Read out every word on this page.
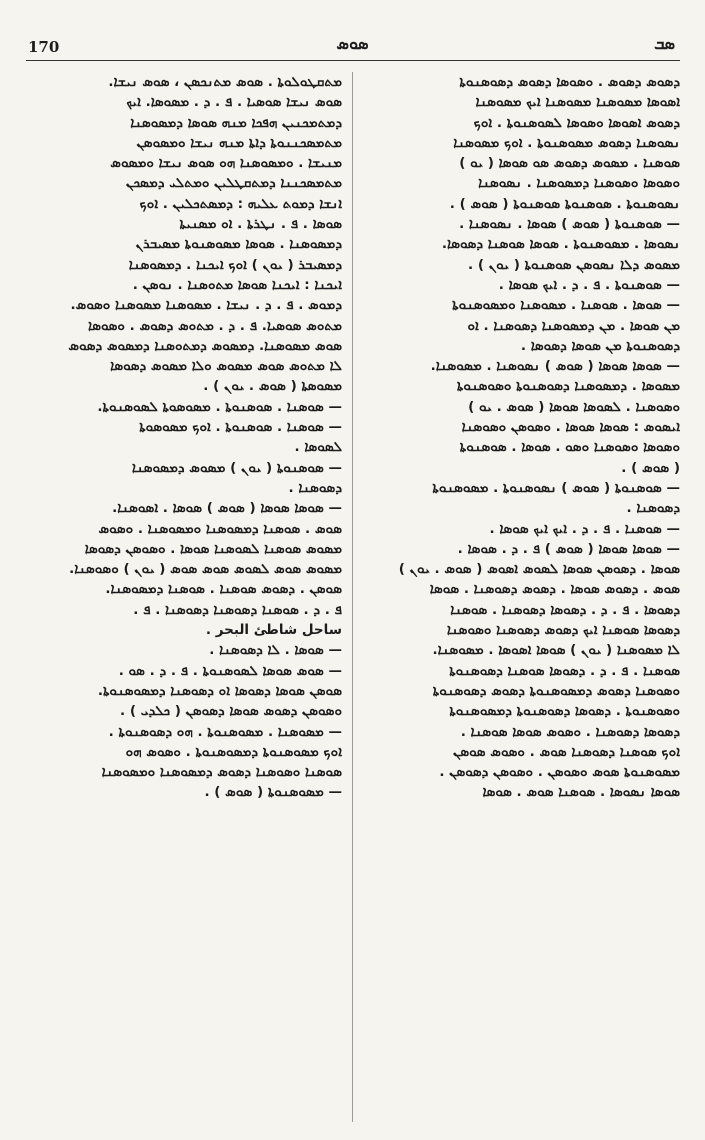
170	ܣܘܣ	ܣܒ
ܡܬܩܛܘܠܘܬܐ . ܣܘܣ ܡܬܢܟܣܢ ، ܣܘܣ ܢܝܫܐ.
ܣܘܣ ܢܝܫܐ ܣܘܣܝܐ . ܦ . ܕ . ܡܣܘܣܐ. ܐܝܟ
ܕܡܬܡܟܢܝܢ ܗܦܟܐ ܡܢܗ ܣܘܣܐ ܕܡܣܘܣܢܐ
ܡܬܡܣܟܢܢܘܬܐ ܕܐܬܐ ܡܢܗ ܢܝܫܐ ܘܡܣܘܣܢ
ܡܢܝܫܐ . ܘܡܣܘܣܢܐ ܗܘ ܣܘܣ ܢܝܫܐ ܘܡܣܘܣ
ܡܬܡܣܟܢܢܐ ܕܡܬܩܛܠܝܢ ܘܡܬܠܝ ܕܡܣܟܢ
ܐܢܫܐ ܕܡܘܬ ܥܠܝܗ : ܕܡܣܬܟܠܝܢ . ܐܘܟ
ܣܘܣܐ . ܦ . ܢܛܪܬܐ . ܐܘ ܡܣܢܝܬܐ
ܕܡܣܘܣܢܐ . ܣܘܣܐ ܡܣܘܣܢܘܬܐ ܡܣܝܒܪܢ
ܕܡܣܝܒܪ ( ܝܘܢ ) ܐܘܟ ܐܝܟܢܐ . ܕܡܣܘܣܢܐ
ܐܝܟܢܐ : ܐܝܟܢܐ ܣܘܣܐ ܡܬܘܣܢܐ . ܢܘܣܢ .
ܕܡܘܣ . ܦ . ܕ . ܢܝܫܐ . ܡܣܘܣܢܐ ܡܣܘܣܢܐ ܘܣܘܣ.
ܡܬܘܣ ܣܘܣܝܐ. ܦ . ܕ . ܡܬܘܣ ܕܣܘܣ . ܘܣܘܣܐ
ܣܘܣ ܡܣܘܣܢܐ. ܕܡܣܘܣ ܕܡܬܘܣܢܐ ܕܡܣܘܣ ܕܣܘܣ
ܠܐ ܡܬܘܣ ܣܘܣ ܡܣܘܣ ܘܠܐ ܡܣܘܣ ܕܣܘܣܐ
ܡܣܘܣܬܐ ( ܣܘܣ . ܝܘܢ ) .
— ܣܘܣܢܐ . ܣܘܣܢܘܬܐ . ܡܣܘܣܘܬܐ ܠܣܘܣܢܘܬܐ.
— ܣܘܣܢܐ . ܣܘܣܢܘܬܐ . ܐܘܟ ܡܣܘܣܘܬܐ
ܠܣܘܣܐ .
— ܣܘܣܢܘܬܐ ( ܝܘܢ ) ܡܣܘܣ ܕܡܣܘܣܢܐ
ܕܣܘܣܢܐ .
— ܣܘܣܐ ܣܘܣܐ ( ܣܘܣ ) ܣܘܣܐ . ܐܣܘܣܢܐ.
ܣܘܣ . ܣܘܣܢܐ ܕܡܣܘܣܢܐ ܘܡܣܘܣܢܐ . ܘܣܘܣ
ܡܣܘܣ ܣܘܣܢܐ ܠܣܘܣܢܐ ܣܘܣܐ . ܘܣܘܣܢ ܕܣܘܣܐ
ܡܣܘܣ ܣܘܣ ܠܣܘܣ ܣܘܣ ܣܘܣ ( ܝܘܢ ) ܘܣܘܣܢܐ.
ܣܘܣܢ . ܕܣܘܣ ܣܘܣܢܐ . ܣܘܣܢܐ ܕܡܣܘܣܢܐ.
ܦ . ܕ . ܣܘܣܢܐ ܕܣܘܣܢܐ ܕܣܘܣܢܐ . ܦ .
ساحل شاطئ البحر .
— ܣܘܣܐ . ܠܐ ܕܣܘܣܢܐ .
— ܣܘܣ ܣܘܣܐ ܠܣܘܣܢܘܬܐ . ܦ . ܕ . ܣܘ .
ܣܘܣܢ ܣܘܣܐ ܕܣܘܣܐ ܐܘ ܕܣܘܣܢܐ ܕܡܣܘܣܢܘܬܐ.
ܘܣܘܣܢ ܕܣܘܣ ܣܘܣܐ ܕܣܘܣܢ ( ܟܠܕܝ ) .
— ܡܣܘܣܢܐ . ܡܣܘܣܢܘܬܐ . ܗܘ ܕܣܘܣܢܘܬܐ .
ܐܘܟ ܡܣܘܣܢܘܬܐ ܕܡܣܘܣܢܘܬܐ . ܘܣܘܣ ܗܘ
ܣܘܣܢܐ ܘܣܘܣܢܐ ܕܣܘܣ ܕܡܣܘܣܢܐ ܘܡܣܘܣܢܐ
— ܡܣܘܣܢܘܬܐ ( ܣܘܣ ) .
ܕܣܘܣ ܕܣܘܣ . ܘܣܘܣܐ ܕܣܘܣ ܕܣܘܣܢܘܬܐ
ܐܣܘܣܐ ܡܣܘܣܢܐ ܡܣܘܣܢܐ ܐܝܟ ܡܣܘܣܢܐ
ܕܣܘܣ ܐܣܘܣܐ ܘܣܘܣܐ ܠܣܘܣܢܘܬܐ . ܐܘܟ
ܢܣܘܣܢܐ ܕܣܘܣ ܡܣܘܣܢܘܬܐ . ܐܘܟ ܡܣܘܣܢܐ
ܣܘܣܢܐ . ܡܣܘܣ ܕܣܘܣ ܣܘ ܣܘܣܐ ( ܝܘ )
ܘܣܘܣܐ ܘܣܘܣܢܐ ܕܡܣܘܣܢܐ . ܢܣܘܣܢܐ
ܢܣܘܣܢܘܬܐ . ܣܘܣܢܘܬܐ ܣܘܣܢܘܬܐ ( ܣܘܣ ) .
— ܣܘܣܢܘܬܐ ( ܣܘܣ ) ܣܘܣܐ . ܢܣܘܣܢܐ .
ܢܣܘܣܐ . ܡܣܘܣܢܘܬܐ . ܣܘܣܐ ܣܘܣܢܐ ܕܣܘܣܐ.
ܡܣܘܣ ܕܠܐ ܢܣܘܣܢ ܣܘܣܢܘܬܐ ( ܝܘܢ ) .
— ܣܘܣܢܘܬܐ . ܦ . ܕ . ܐܝܟ ܣܘܣܐ .
— ܣܘܣܐ . ܣܘܣܢܐ . ܡܣܘܣܢܐ ܘܡܣܘܣܢܘܬܐ
ܡܢ ܣܘܣܐ . ܡܢ ܕܡܣܘܣܢܐ ܕܣܘܣܢܐ . ܐܘ
ܕܣܘܣܢܘܬܐ ܡܢ ܣܘܣܐ ܕܣܘܣܐ .
— ܣܘܣܐ ܣܘܣܐ ( ܣܘܣ ) ܢܣܘܣܢܐ . ܡܣܘܣܢܐ.
ܡܣܘܣܐ . ܕܡܣܘܣܢܐ ܕܣܘܣܢܘܬܐ ܘܣܘܣܢܘܬܐ
ܘܣܘܣܢܐ . ܠܣܘܣܐ ܣܘܣܐ ( ܣܘܣ . ܝܘ )
ܐܝܣܘܣ : ܣܘܣܐ ܣܘܣܐ . ܘܣܘܣܢ ܘܣܘܣܢܐ
ܘܣܘܣܐ ܘܣܘܣܢܐ ܘܣܘ . ܣܘܣܐ . ܣܘܣܢܘܬܐ
( ܣܘܣ ) .
— ܣܘܣܢܘܬܐ ( ܣܘܣ ) ܢܣܘܣܢܘܬܐ . ܡܣܘܣܢܘܬܐ
ܕܣܘܣܢܐ .
— ܣܘܣܢܐ . ܦ . ܕ . ܐܝܟ ܐܝܟ ܣܘܣܐ .
— ܣܘܣܐ ܣܘܣܐ ( ܣܘܣ ) ܦ . ܕ . ܣܘܣܐ .
ܣܘܣܐ . ܕܣܘܣܢ ܣܘܣܐ ܠܣܘܣ ܐܣܘܣ ( ܣܘܣ . ܝܘܢ )
ܣܘܣ . ܕܣܘܣ ܣܘܣܐ . ܕܣܘܣ ܕܣܘܣܢܐ . ܣܘܣܐ
ܕܣܘܣܐ . ܦ . ܕ . ܕܣܘܣܐ ܕܣܘܣܢܐ . ܣܘܣܢܐ
ܕܣܘܣܐ ܣܘܣܢܐ ܐܝܟ ܕܣܘܣ ܕܣܘܣܢܐ ܘܣܘܣܢܐ
ܠܐ ܡܣܘܣܢܐ ( ܝܘܢ ) ܣܘܣܐ ܐܣܘܣܐ . ܡܣܘܣܢܐ.
ܣܘܣܢܐ . ܦ . ܕ . ܕܣܘܣܐ ܣܘܣܢܐ ܕܣܘܣܢܘܬܐ
ܘܣܘܣܢܐ ܕܣܘܣ ܕܡܣܘܣܢܘܬܐ ܕܣܘܣ ܕܣܘܣܢܘܬܐ
ܘܣܘܣܢܘܬܐ . ܕܣܘܣܐ ܕܣܘܣܢܘܬܐ ܕܡܣܘܣܢܘܬܐ
ܕܣܘܣܐ ܕܣܘܣܢܐ . ܘܣܘܣ ܣܘܣܐ ܣܘܣܢܐ .
ܐܘܟ ܣܘܣܢܐ ܕܣܘܣܢܐ ܣܘܣ . ܘܣܘܣ ܣܘܣܢ
ܡܣܘܣܢܘܬܐ ܣܘܣ ܘܣܘܣܢ . ܘܣܘܣܢ ܕܣܘܣܢ .
ܣܘܣܐ ܢܣܘܣܐ . ܣܘܣܢܐ ܣܘܣ . ܣܘܣܐ
